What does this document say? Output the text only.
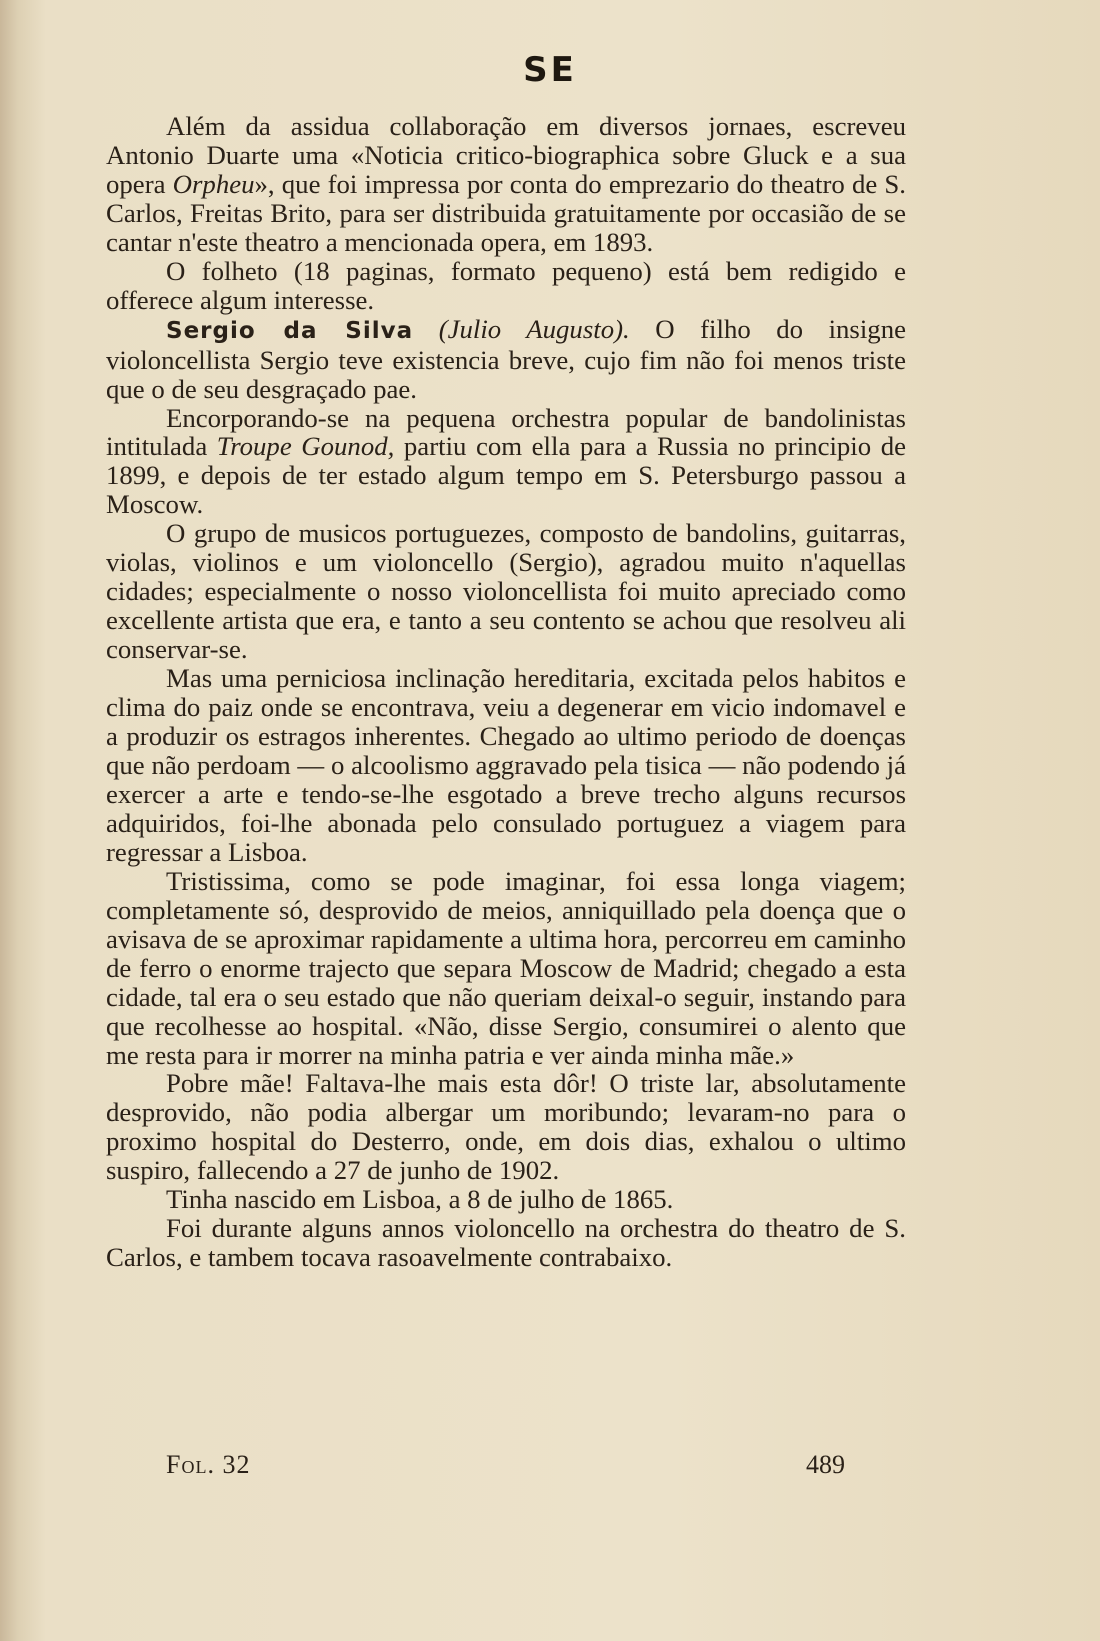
SE

Além da assidua collaboração em diversos jornaes, escreveu Antonio Duarte uma «Noticia critico-biographica sobre Gluck e a sua opera Orpheu», que foi impressa por conta do emprezario do theatro de S. Carlos, Freitas Brito, para ser distribuida gratuitamente por occasião de se cantar n'este theatro a mencionada opera, em 1893.

O folheto (18 paginas, formato pequeno) está bem redigido e offerece algum interesse.

Sergio da Silva (Julio Augusto). O filho do insigne violoncellista Sergio teve existencia breve, cujo fim não foi menos triste que o de seu desgraçado pae.

Encorporando-se na pequena orchestra popular de bandolinistas intitulada Troupe Gounod, partiu com ella para a Russia no principio de 1899, e depois de ter estado algum tempo em S. Petersburgo passou a Moscow.

O grupo de musicos portuguezes, composto de bandolins, guitarras, violas, violinos e um violoncello (Sergio), agradou muito n'aquellas cidades; especialmente o nosso violoncellista foi muito apreciado como excellente artista que era, e tanto a seu contento se achou que resolveu ali conservar-se.

Mas uma perniciosa inclinação hereditaria, excitada pelos habitos e clima do paiz onde se encontrava, veiu a degenerar em vicio indomavel e a produzir os estragos inherentes. Chegado ao ultimo periodo de doenças que não perdoam — o alcoolismo aggravado pela tisica — não podendo já exercer a arte e tendo-se-lhe esgotado a breve trecho alguns recursos adquiridos, foi-lhe abonada pelo consulado portuguez a viagem para regressar a Lisboa.

Tristissima, como se pode imaginar, foi essa longa viagem; completamente só, desprovido de meios, anniquillado pela doença que o avisava de se aproximar rapidamente a ultima hora, percorreu em caminho de ferro o enorme trajecto que separa Moscow de Madrid; chegado a esta cidade, tal era o seu estado que não queriam deixal-o seguir, instando para que recolhesse ao hospital. «Não, disse Sergio, consumirei o alento que me resta para ir morrer na minha patria e ver ainda minha mãe.»

Pobre mãe! Faltava-lhe mais esta dôr! O triste lar, absolutamente desprovido, não podia albergar um moribundo; levaram-no para o proximo hospital do Desterro, onde, em dois dias, exhalou o ultimo suspiro, fallecendo a 27 de junho de 1902.

Tinha nascido em Lisboa, a 8 de julho de 1865.

Foi durante alguns annos violoncello na orchestra do theatro de S. Carlos, e tambem tocava rasoavelmente contrabaixo.

Fol. 32	489
